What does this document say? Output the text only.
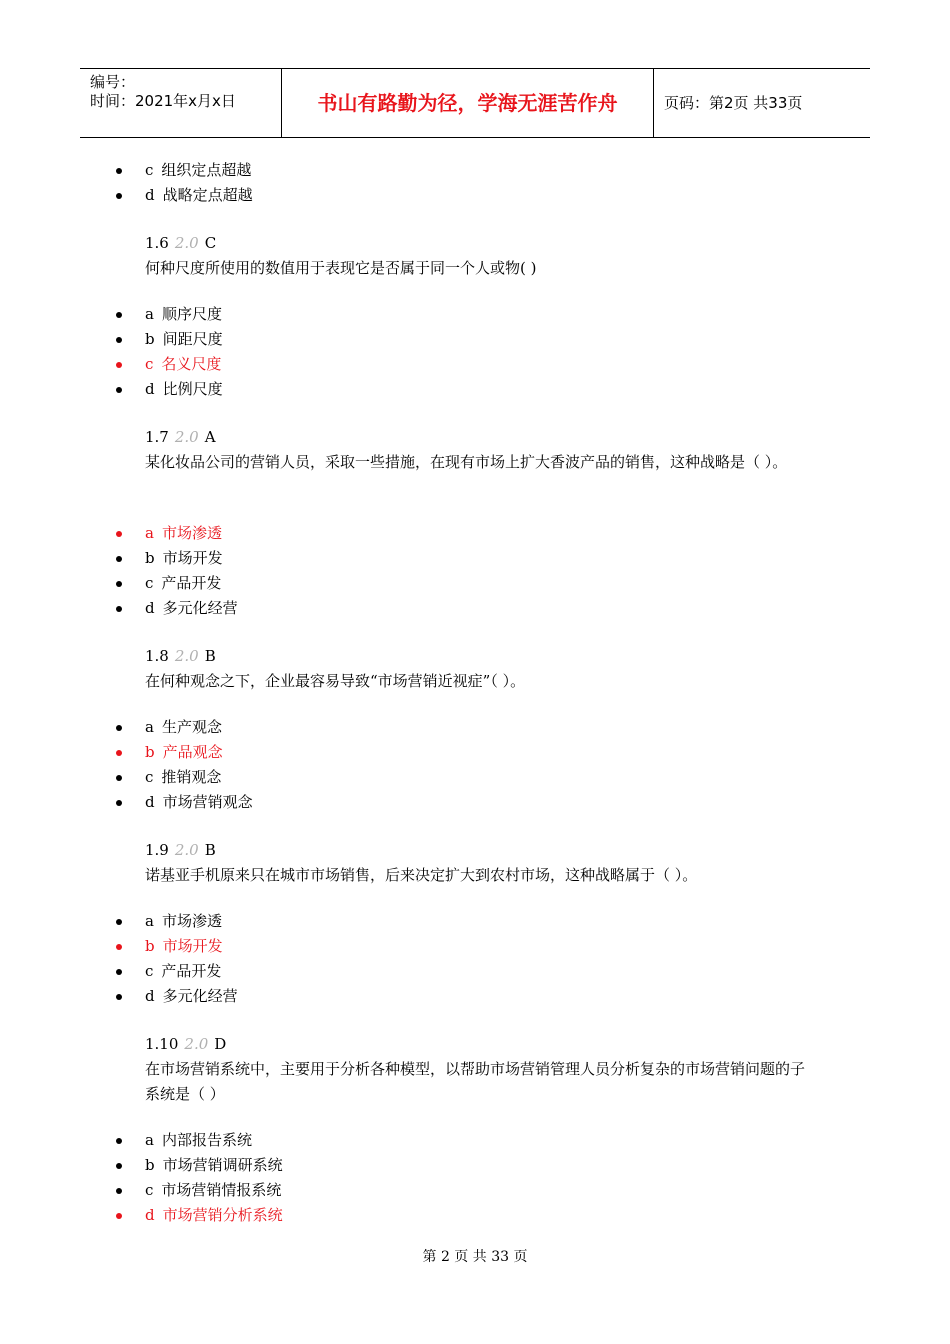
编号：
时间：2021年x月x日	书山有路勤为径，学海无涯苦作舟	页码：第2页 共33页
c 组织定点超越
d 战略定点超越
1.6 2.0 C
何种尺度所使用的数值用于表现它是否属于同一个人或物( )
a 顺序尺度
b 间距尺度
c 名义尺度
d 比例尺度
1.7 2.0 A
某化妆品公司的营销人员，采取一些措施，在现有市场上扩大香波产品的销售，这种战略是（ ）。
a 市场渗透
b 市场开发
c 产品开发
d 多元化经营
1.8 2.0 B
在何种观念之下，企业最容易导致“市场营销近视症”（ ）。
a 生产观念
b 产品观念
c 推销观念
d 市场营销观念
1.9 2.0 B
诺基亚手机原来只在城市市场销售，后来决定扩大到农村市场，这种战略属于（ ）。
a 市场渗透
b 市场开发
c 产品开发
d 多元化经营
1.10 2.0 D
在市场营销系统中，主要用于分析各种模型，以帮助市场营销管理人员分析复杂的市场营销问题的子系统是（ ）
a 内部报告系统
b 市场营销调研系统
c 市场营销情报系统
d 市场营销分析系统
第 2 页 共 33 页
